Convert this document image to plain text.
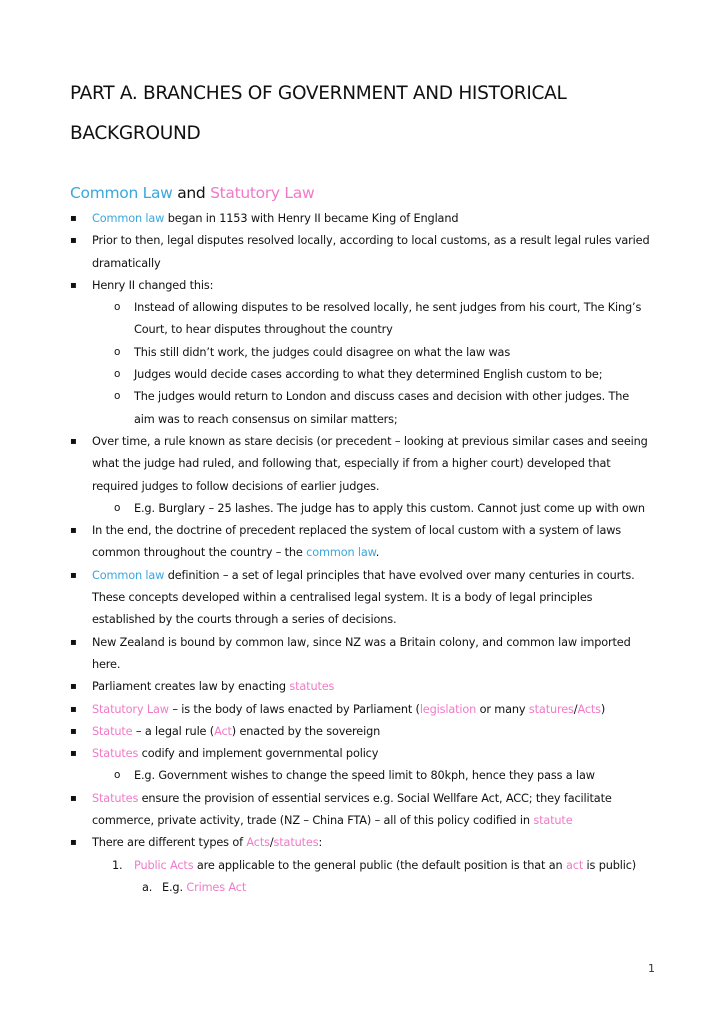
PART A. BRANCHES OF GOVERNMENT AND HISTORICAL BACKGROUND
Common Law and Statutory Law
▪ Common law began in 1153 with Henry II became King of England
▪ Prior to then, legal disputes resolved locally, according to local customs, as a result legal rules varied dramatically
▪ Henry II changed this:
o Instead of allowing disputes to be resolved locally, he sent judges from his court, The King’s Court, to hear disputes throughout the country
o This still didn’t work, the judges could disagree on what the law was
o Judges would decide cases according to what they determined English custom to be;
o The judges would return to London and discuss cases and decision with other judges. The aim was to reach consensus on similar matters;
▪ Over time, a rule known as stare decisis (or precedent – looking at previous similar cases and seeing what the judge had ruled, and following that, especially if from a higher court) developed that required judges to follow decisions of earlier judges.
o E.g. Burglary – 25 lashes. The judge has to apply this custom. Cannot just come up with own
▪ In the end, the doctrine of precedent replaced the system of local custom with a system of laws common throughout the country – the common law.
▪ Common law definition – a set of legal principles that have evolved over many centuries in courts. These concepts developed within a centralised legal system. It is a body of legal principles established by the courts through a series of decisions.
▪ New Zealand is bound by common law, since NZ was a Britain colony, and common law imported here.
▪ Parliament creates law by enacting statutes
▪ Statutory Law – is the body of laws enacted by Parliament (legislation or many statures/Acts)
▪ Statute – a legal rule (Act) enacted by the sovereign
▪ Statutes codify and implement governmental policy
o E.g. Government wishes to change the speed limit to 80kph, hence they pass a law
▪ Statutes ensure the provision of essential services e.g. Social Wellfare Act, ACC; they facilitate commerce, private activity, trade (NZ – China FTA) – all of this policy codified in statute
▪ There are different types of Acts/statutes:
1. Public Acts are applicable to the general public (the default position is that an act is public)
a. E.g. Crimes Act
1
